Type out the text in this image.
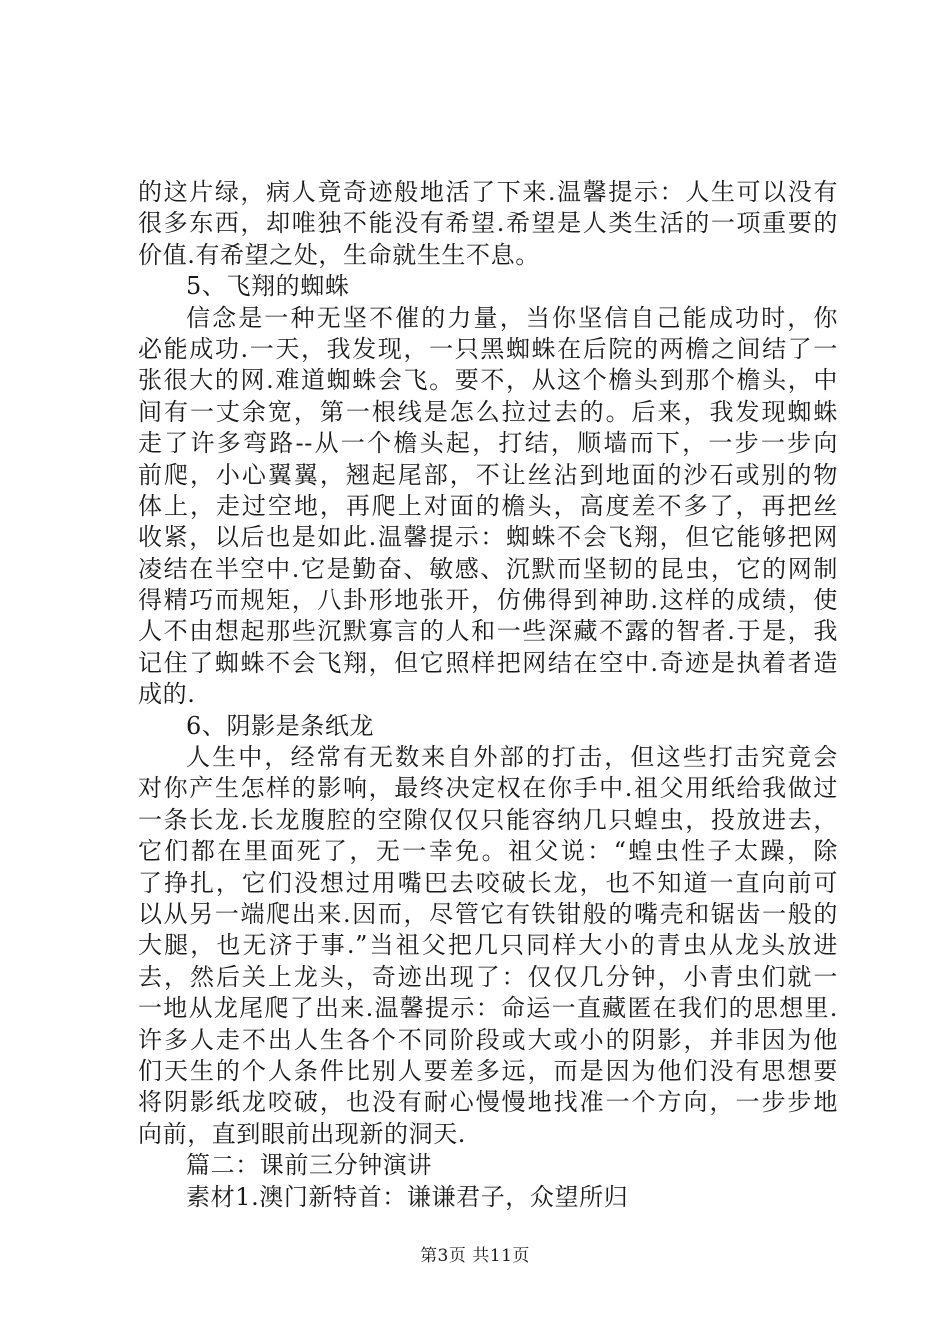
的这片绿，病人竟奇迹般地活了下来.温馨提示：人生可以没有
很多东西，却唯独不能没有希望.希望是人类生活的一项重要的
价值.有希望之处，生命就生生不息。
5、飞翔的蜘蛛
信念是一种无坚不催的力量，当你坚信自己能成功时，你
必能成功.一天，我发现，一只黑蜘蛛在后院的两檐之间结了一
张很大的网.难道蜘蛛会飞。要不，从这个檐头到那个檐头，中
间有一丈余宽，第一根线是怎么拉过去的。后来，我发现蜘蛛
走了许多弯路--从一个檐头起，打结，顺墙而下，一步一步向
前爬，小心翼翼，翘起尾部，不让丝沾到地面的沙石或别的物
体上，走过空地，再爬上对面的檐头，高度差不多了，再把丝
收紧，以后也是如此.温馨提示：蜘蛛不会飞翔，但它能够把网
凌结在半空中.它是勤奋、敏感、沉默而坚韧的昆虫，它的网制
得精巧而规矩，八卦形地张开，仿佛得到神助.这样的成绩，使
人不由想起那些沉默寡言的人和一些深藏不露的智者.于是，我
记住了蜘蛛不会飞翔，但它照样把网结在空中.奇迹是执着者造
成的.
6、阴影是条纸龙
人生中，经常有无数来自外部的打击，但这些打击究竟会
对你产生怎样的影响，最终决定权在你手中.祖父用纸给我做过
一条长龙.长龙腹腔的空隙仅仅只能容纳几只蝗虫，投放进去，
它们都在里面死了，无一幸免。祖父说：“蝗虫性子太躁，除
了挣扎，它们没想过用嘴巴去咬破长龙，也不知道一直向前可
以从另一端爬出来.因而，尽管它有铁钳般的嘴壳和锯齿一般的
大腿，也无济于事.”当祖父把几只同样大小的青虫从龙头放进
去，然后关上龙头，奇迹出现了：仅仅几分钟，小青虫们就一
一地从龙尾爬了出来.温馨提示：命运一直藏匿在我们的思想里.
许多人走不出人生各个不同阶段或大或小的阴影，并非因为他
们天生的个人条件比别人要差多远，而是因为他们没有思想要
将阴影纸龙咬破，也没有耐心慢慢地找准一个方向，一步步地
向前，直到眼前出现新的洞天.
篇二：课前三分钟演讲
素材1.澳门新特首：谦谦君子，众望所归
第3页 共11页
